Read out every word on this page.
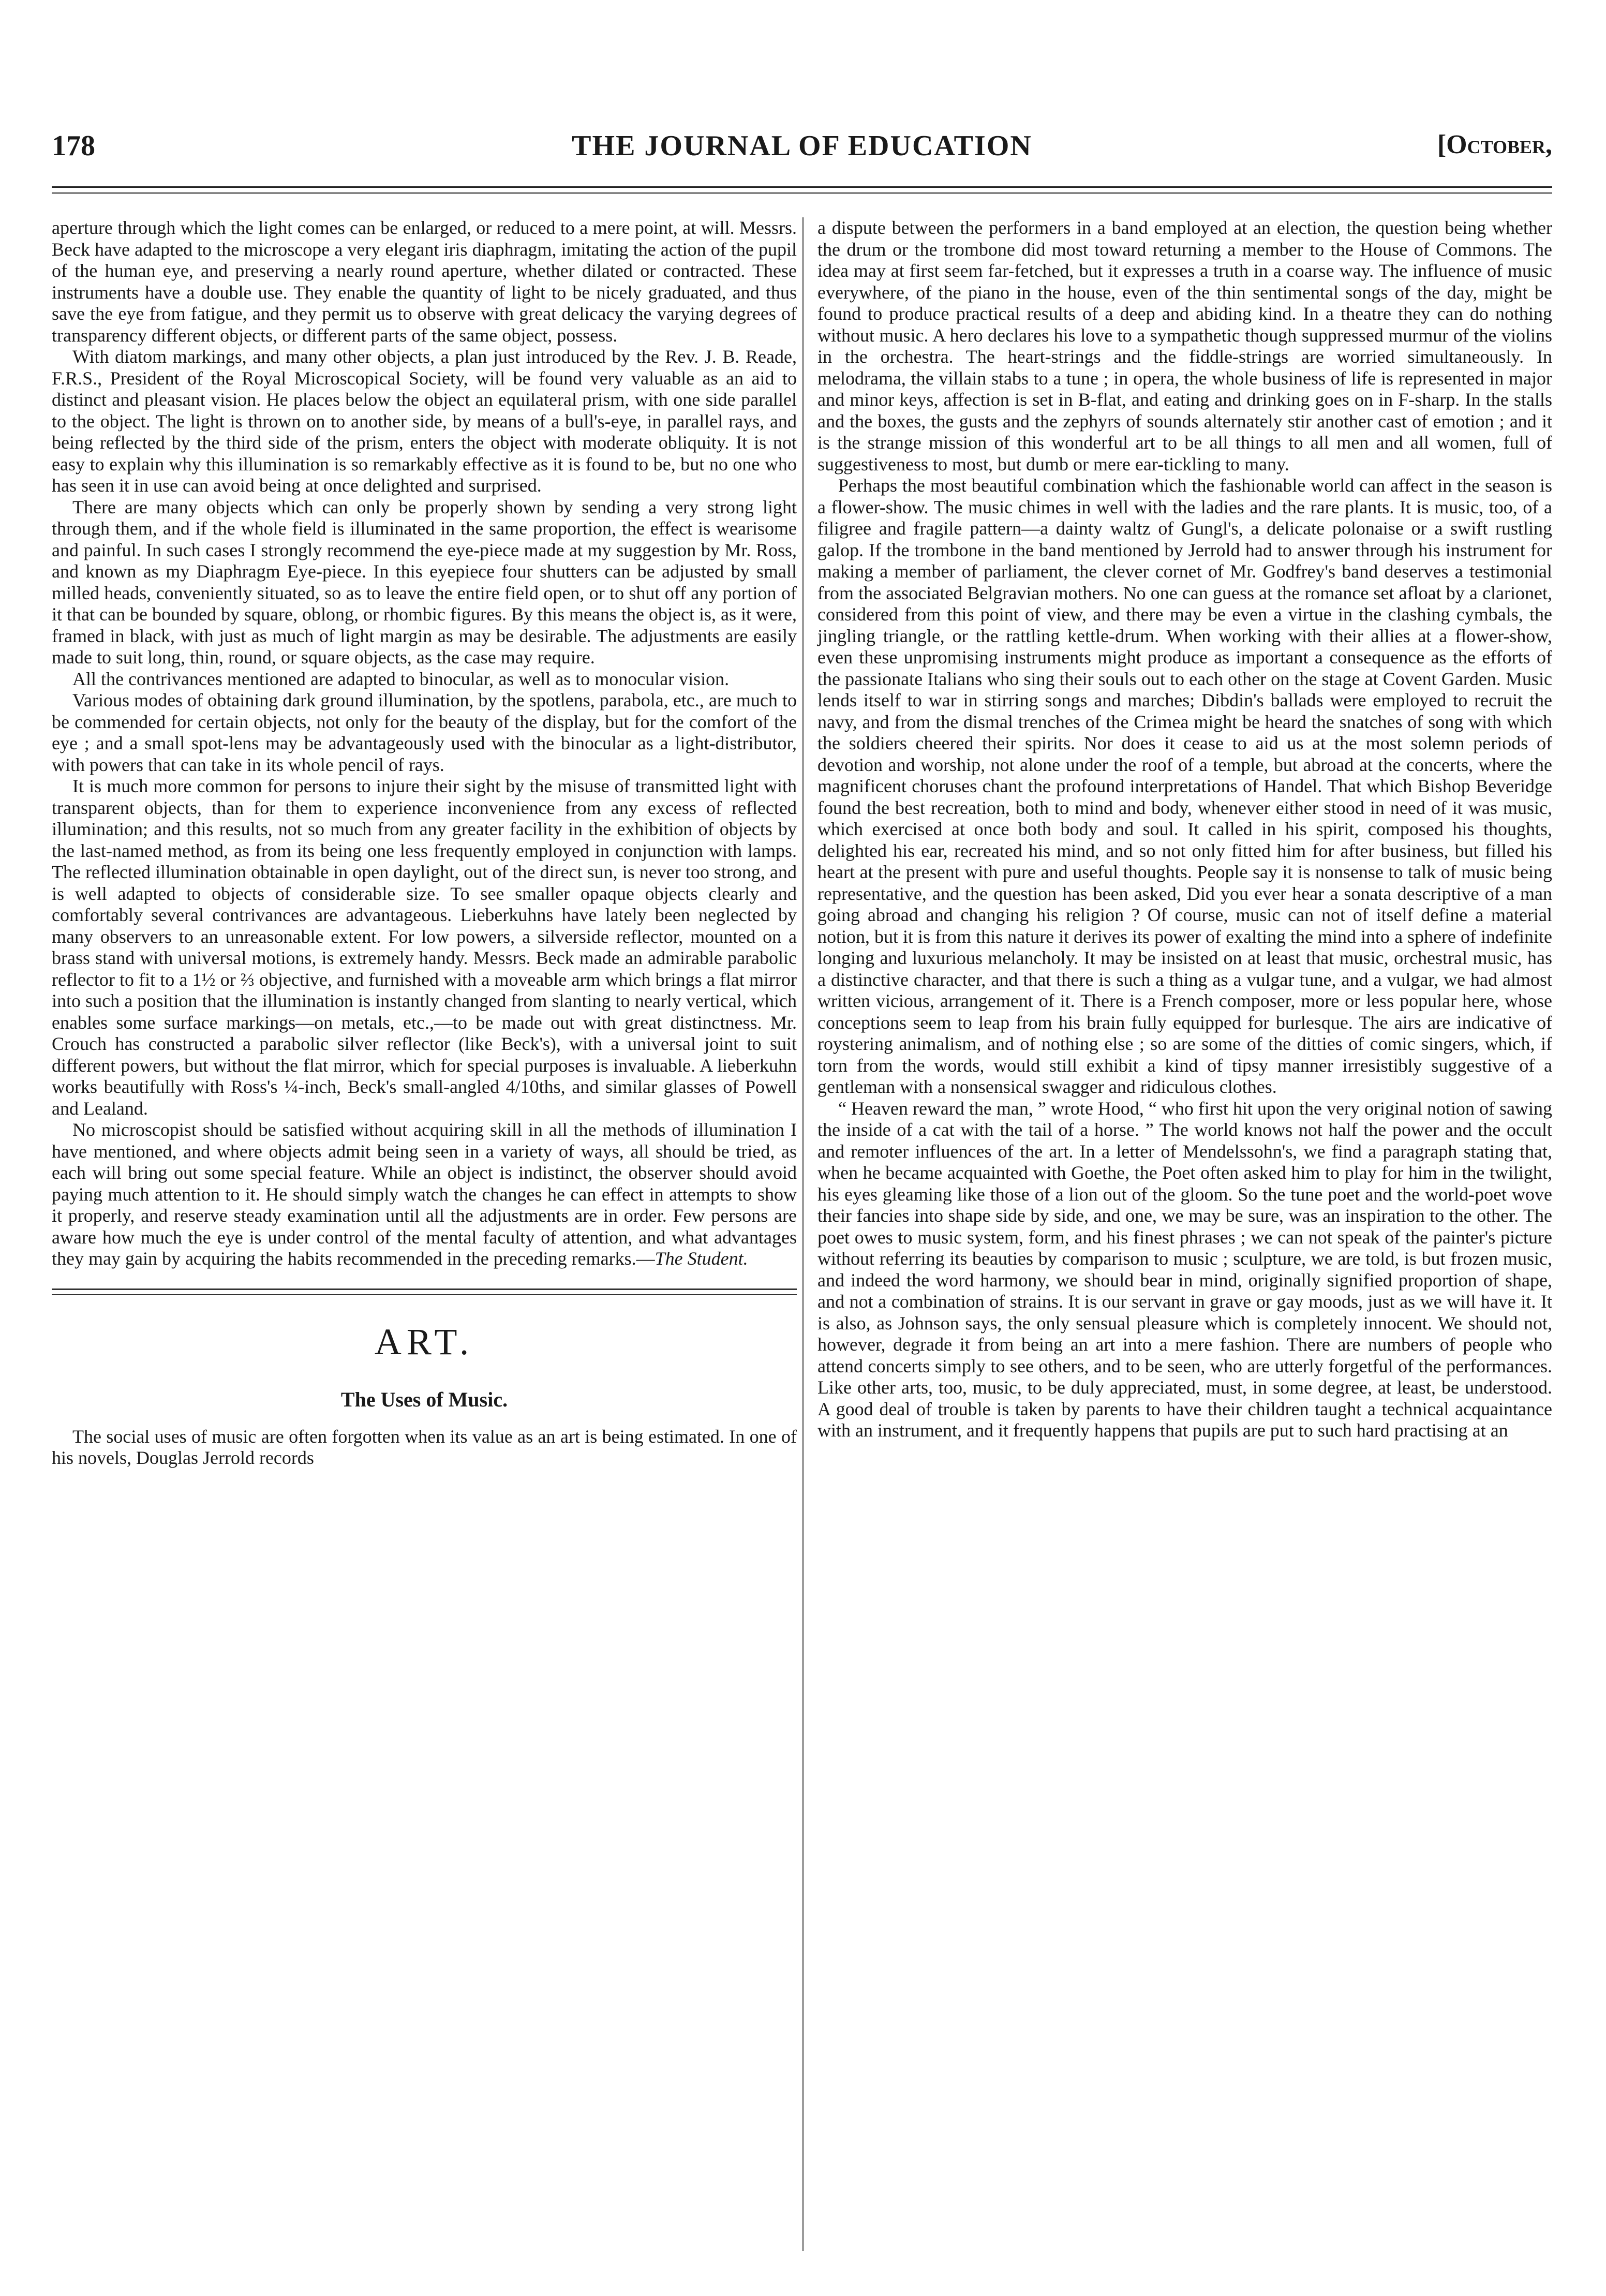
178	THE JOURNAL OF EDUCATION	[October,

aperture through which the light comes can be enlarged, or reduced to a mere point, at will. Messrs. Beck have adapted to the microscope a very elegant iris diaphragm, imitating the action of the pupil of the human eye, and preserving a nearly round aperture, whether dilated or contracted. These instruments have a double use. They enable the quantity of light to be nicely graduated, and thus save the eye from fatigue, and they permit us to observe with great delicacy the varying degrees of transparency different objects, or different parts of the same object, possess.

With diatom markings, and many other objects, a plan just introduced by the Rev. J. B. Reade, F.R.S., President of the Royal Microscopical Society, will be found very valuable as an aid to distinct and pleasant vision. He places below the object an equilateral prism, with one side parallel to the object. The light is thrown on to another side, by means of a bull's-eye, in parallel rays, and being reflected by the third side of the prism, enters the object with moderate obliquity. It is not easy to explain why this illumination is so remarkably effective as it is found to be, but no one who has seen it in use can avoid being at once delighted and surprised.

There are many objects which can only be properly shown by sending a very strong light through them, and if the whole field is illuminated in the same proportion, the effect is wearisome and painful. In such cases I strongly recommend the eye-piece made at my suggestion by Mr. Ross, and known as my Diaphragm Eye-piece. In this eyepiece four shutters can be adjusted by small milled heads, conveniently situated, so as to leave the entire field open, or to shut off any portion of it that can be bounded by square, oblong, or rhombic figures. By this means the object is, as it were, framed in black, with just as much of light margin as may be desirable. The adjustments are easily made to suit long, thin, round, or square objects, as the case may require.

All the contrivances mentioned are adapted to binocular, as well as to monocular vision.

Various modes of obtaining dark ground illumination, by the spotlens, parabola, etc., are much to be commended for certain objects, not only for the beauty of the display, but for the comfort of the eye ; and a small spot-lens may be advantageously used with the binocular as a light-distributor, with powers that can take in its whole pencil of rays.

It is much more common for persons to injure their sight by the misuse of transmitted light with transparent objects, than for them to experience inconvenience from any excess of reflected illumination; and this results, not so much from any greater facility in the exhibition of objects by the last-named method, as from its being one less frequently employed in conjunction with lamps. The reflected illumination obtainable in open daylight, out of the direct sun, is never too strong, and is well adapted to objects of considerable size. To see smaller opaque objects clearly and comfortably several contrivances are advantageous. Lieberkuhns have lately been neglected by many observers to an unreasonable extent. For low powers, a silverside reflector, mounted on a brass stand with universal motions, is extremely handy. Messrs. Beck made an admirable parabolic reflector to fit to a 1½ or ⅔ objective, and furnished with a moveable arm which brings a flat mirror into such a position that the illumination is instantly changed from slanting to nearly vertical, which enables some surface markings—on metals, etc.,—to be made out with great distinctness. Mr. Crouch has constructed a parabolic silver reflector (like Beck's), with a universal joint to suit different powers, but without the flat mirror, which for special purposes is invaluable. A lieberkuhn works beautifully with Ross's ¼-inch, Beck's small-angled 4/10ths, and similar glasses of Powell and Lealand.

No microscopist should be satisfied without acquiring skill in all the methods of illumination I have mentioned, and where objects admit being seen in a variety of ways, all should be tried, as each will bring out some special feature. While an object is indistinct, the observer should avoid paying much attention to it. He should simply watch the changes he can effect in attempts to show it properly, and reserve steady examination until all the adjustments are in order. Few persons are aware how much the eye is under control of the mental faculty of attention, and what advantages they may gain by acquiring the habits recommended in the preceding remarks.—The Student.

ART.
The Uses of Music.

The social uses of music are often forgotten when its value as an art is being estimated. In one of his novels, Douglas Jerrold records

a dispute between the performers in a band employed at an election, the question being whether the drum or the trombone did most toward returning a member to the House of Commons. The idea may at first seem far-fetched, but it expresses a truth in a coarse way. The influence of music everywhere, of the piano in the house, even of the thin sentimental songs of the day, might be found to produce practical results of a deep and abiding kind. In a theatre they can do nothing without music. A hero declares his love to a sympathetic though suppressed murmur of the violins in the orchestra. The heart-strings and the fiddle-strings are worried simultaneously. In melodrama, the villain stabs to a tune ; in opera, the whole business of life is represented in major and minor keys, affection is set in B-flat, and eating and drinking goes on in F-sharp. In the stalls and the boxes, the gusts and the zephyrs of sounds alternately stir another cast of emotion ; and it is the strange mission of this wonderful art to be all things to all men and all women, full of suggestiveness to most, but dumb or mere ear-tickling to many.

Perhaps the most beautiful combination which the fashionable world can affect in the season is a flower-show. The music chimes in well with the ladies and the rare plants. It is music, too, of a filigree and fragile pattern—a dainty waltz of Gungl's, a delicate polonaise or a swift rustling galop. If the trombone in the band mentioned by Jerrold had to answer through his instrument for making a member of parliament, the clever cornet of Mr. Godfrey's band deserves a testimonial from the associated Belgravian mothers. No one can guess at the romance set afloat by a clarionet, considered from this point of view, and there may be even a virtue in the clashing cymbals, the jingling triangle, or the rattling kettle-drum. When working with their allies at a flower-show, even these unpromising instruments might produce as important a consequence as the efforts of the passionate Italians who sing their souls out to each other on the stage at Covent Garden. Music lends itself to war in stirring songs and marches; Dibdin's ballads were employed to recruit the navy, and from the dismal trenches of the Crimea might be heard the snatches of song with which the soldiers cheered their spirits. Nor does it cease to aid us at the most solemn periods of devotion and worship, not alone under the roof of a temple, but abroad at the concerts, where the magnificent choruses chant the profound interpretations of Handel. That which Bishop Beveridge found the best recreation, both to mind and body, whenever either stood in need of it was music, which exercised at once both body and soul. It called in his spirit, composed his thoughts, delighted his ear, recreated his mind, and so not only fitted him for after business, but filled his heart at the present with pure and useful thoughts. People say it is nonsense to talk of music being representative, and the question has been asked, Did you ever hear a sonata descriptive of a man going abroad and changing his religion ? Of course, music can not of itself define a material notion, but it is from this nature it derives its power of exalting the mind into a sphere of indefinite longing and luxurious melancholy. It may be insisted on at least that music, orchestral music, has a distinctive character, and that there is such a thing as a vulgar tune, and a vulgar, we had almost written vicious, arrangement of it. There is a French composer, more or less popular here, whose conceptions seem to leap from his brain fully equipped for burlesque. The airs are indicative of roystering animalism, and of nothing else ; so are some of the ditties of comic singers, which, if torn from the words, would still exhibit a kind of tipsy manner irresistibly suggestive of a gentleman with a nonsensical swagger and ridiculous clothes.

“ Heaven reward the man, ” wrote Hood, “ who first hit upon the very original notion of sawing the inside of a cat with the tail of a horse. ” The world knows not half the power and the occult and remoter influences of the art. In a letter of Mendelssohn's, we find a paragraph stating that, when he became acquainted with Goethe, the Poet often asked him to play for him in the twilight, his eyes gleaming like those of a lion out of the gloom. So the tune poet and the world-poet wove their fancies into shape side by side, and one, we may be sure, was an inspiration to the other. The poet owes to music system, form, and his finest phrases ; we can not speak of the painter's picture without referring its beauties by comparison to music ; sculpture, we are told, is but frozen music, and indeed the word harmony, we should bear in mind, originally signified proportion of shape, and not a combination of strains. It is our servant in grave or gay moods, just as we will have it. It is also, as Johnson says, the only sensual pleasure which is completely innocent. We should not, however, degrade it from being an art into a mere fashion. There are numbers of people who attend concerts simply to see others, and to be seen, who are utterly forgetful of the performances. Like other arts, too, music, to be duly appreciated, must, in some degree, at least, be understood. A good deal of trouble is taken by parents to have their children taught a technical acquaintance with an instrument, and it frequently happens that pupils are put to such hard practising at an
